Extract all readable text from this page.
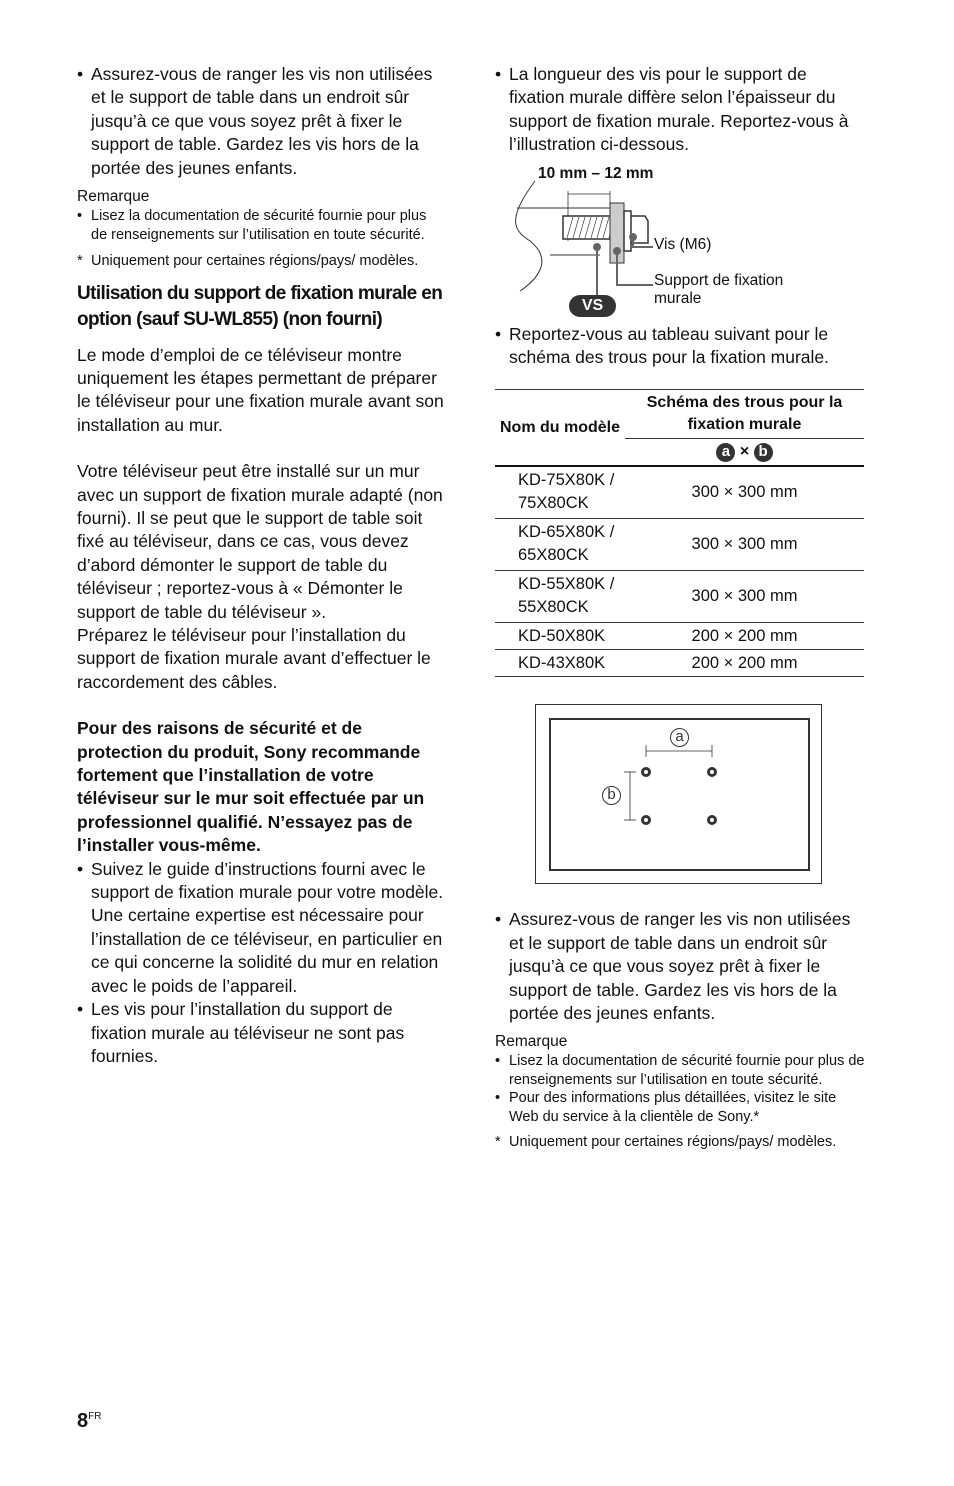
• Assurez-vous de ranger les vis non utilisées et le support de table dans un endroit sûr jusqu’à ce que vous soyez prêt à fixer le support de table. Gardez les vis hors de la portée des jeunes enfants.
Remarque
• Lisez la documentation de sécurité fournie pour plus de renseignements sur l’utilisation en toute sécurité.
* Uniquement pour certaines régions/pays/ modèles.
Utilisation du support de fixation murale en option (sauf SU-WL855) (non fourni)
Le mode d’emploi de ce téléviseur montre uniquement les étapes permettant de préparer le téléviseur pour une fixation murale avant son installation au mur.
Votre téléviseur peut être installé sur un mur avec un support de fixation murale adapté (non fourni). Il se peut que le support de table soit fixé au téléviseur, dans ce cas, vous devez d’abord démonter le support de table du téléviseur ; reportez-vous à « Démonter le support de table du téléviseur ».
Préparez le téléviseur pour l’installation du support de fixation murale avant d’effectuer le raccordement des câbles.
Pour des raisons de sécurité et de protection du produit, Sony recommande fortement que l’installation de votre téléviseur sur le mur soit effectuée par un professionnel qualifié. N’essayez pas de l’installer vous-même.
• Suivez le guide d’instructions fourni avec le support de fixation murale pour votre modèle. Une certaine expertise est nécessaire pour l’installation de ce téléviseur, en particulier en ce qui concerne la solidité du mur en relation avec le poids de l’appareil.
• Les vis pour l’installation du support de fixation murale au téléviseur ne sont pas fournies.
• La longueur des vis pour le support de fixation murale diffère selon l’épaisseur du support de fixation murale. Reportez-vous à l’illustration ci-dessous.
10 mm – 12 mm
Vis (M6)
Support de fixation murale
VS
• Reportez-vous au tableau suivant pour le schéma des trous pour la fixation murale.
Nom du modèle	Schéma des trous pour la fixation murale
	a × b
KD-75X80K / 75X80CK	300 × 300 mm
KD-65X80K / 65X80CK	300 × 300 mm
KD-55X80K / 55X80CK	300 × 300 mm
KD-50X80K	200 × 200 mm
KD-43X80K	200 × 200 mm
a
b
• Assurez-vous de ranger les vis non utilisées et le support de table dans un endroit sûr jusqu’à ce que vous soyez prêt à fixer le support de table. Gardez les vis hors de la portée des jeunes enfants.
Remarque
• Lisez la documentation de sécurité fournie pour plus de renseignements sur l’utilisation en toute sécurité.
• Pour des informations plus détaillées, visitez le site Web du service à la clientèle de Sony.*
* Uniquement pour certaines régions/pays/ modèles.
$8^{FR}$
